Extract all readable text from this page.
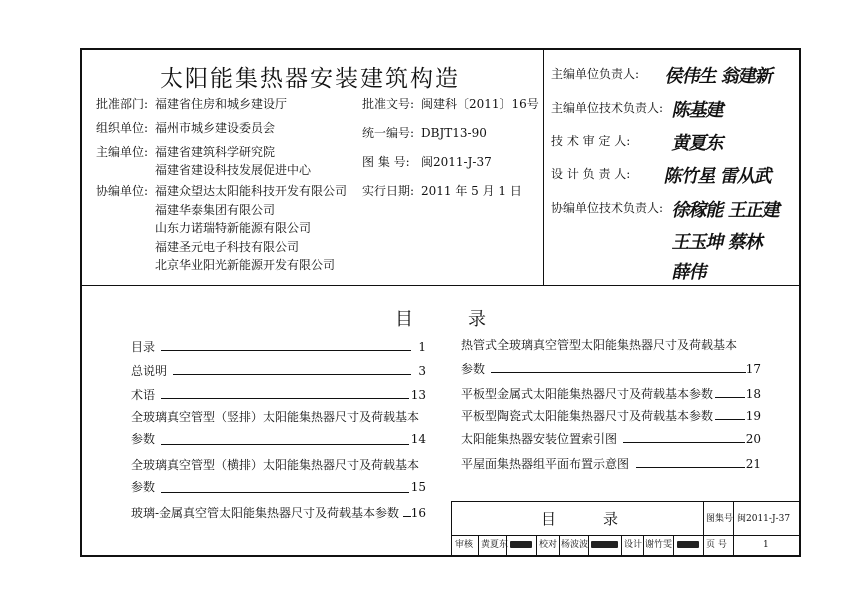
太阳能集热器安装建筑构造
批准部门: 福建省住房和城乡建设厅
组织单位: 福州市城乡建设委员会
主编单位: 福建省建筑科学研究院
福建省建设科技发展促进中心
协编单位: 福建众望达太阳能科技开发有限公司
福建华泰集团有限公司
山东力诺瑞特新能源有限公司
福建圣元电子科技有限公司
北京华业阳光新能源开发有限公司
批准文号: 闽建科〔2011〕16号
统一编号: DBJT13-90
图 集 号: 闽2011-J-37
实行日期: 2011 年 5 月 1 日
主编单位负责人: 侯伟生 翁建新
主编单位技术负责人: 陈基建
技 术 审 定 人: 黄夏东
设 计 负 责 人: 陈竹星 雷从武
协编单位技术负责人: 徐稼能 王正建
王玉坤 蔡林
薛伟
目	录
目录	1
总说明	3
术语	13
全玻璃真空管型（竖排）太阳能集热器尺寸及荷载基本
参数	14
全玻璃真空管型（横排）太阳能集热器尺寸及荷载基本
参数	15
玻璃-金属真空管太阳能集热器尺寸及荷载基本参数 16
热管式全玻璃真空管型太阳能集热器尺寸及荷载基本
参数	17
平板型金属式太阳能集热器尺寸及荷载基本参数	18
平板型陶瓷式太阳能集热器尺寸及荷载基本参数	19
太阳能集热器安装位置索引图	20
平屋面集热器组平面布置示意图	21
目	录	图集号 闽2011-J-37
审核 黄夏东	校对 杨波波	设计 谢竹雯	页 号	1
